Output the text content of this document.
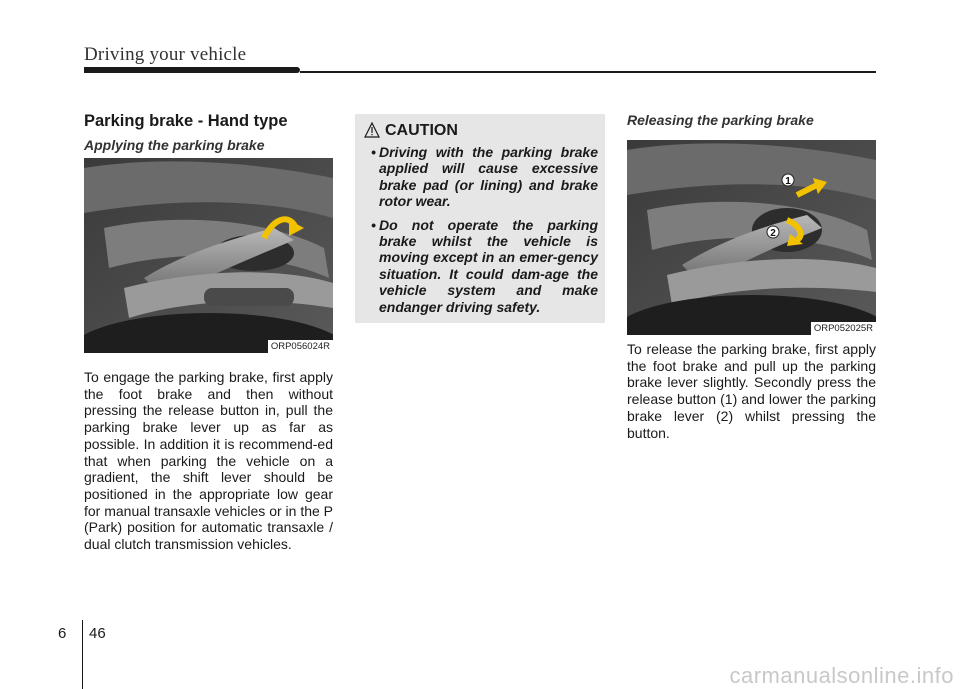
Driving your vehicle
Parking brake - Hand type
Applying the parking brake
ORP056024R
To engage the parking brake, first apply the foot brake and then without pressing the release button in, pull the parking brake lever up as far as possible. In addition it is recommend-ed that when parking the vehicle on a gradient, the shift lever should be positioned in the appropriate low gear for manual transaxle vehicles or in the P (Park) position for automatic transaxle / dual clutch transmission vehicles.
CAUTION
• Driving with the parking brake applied will cause excessive brake pad (or lining) and brake rotor wear.
• Do not operate the parking brake whilst the vehicle is moving except in an emer-gency situation. It could dam-age the vehicle system and make endanger driving safety.
Releasing the parking brake
1
2
ORP052025R
To release the parking brake, first apply the foot brake and pull up the parking brake lever slightly. Secondly press the release button (1) and lower the parking brake lever (2) whilst pressing the button.
6 46
carmanualsonline.info
